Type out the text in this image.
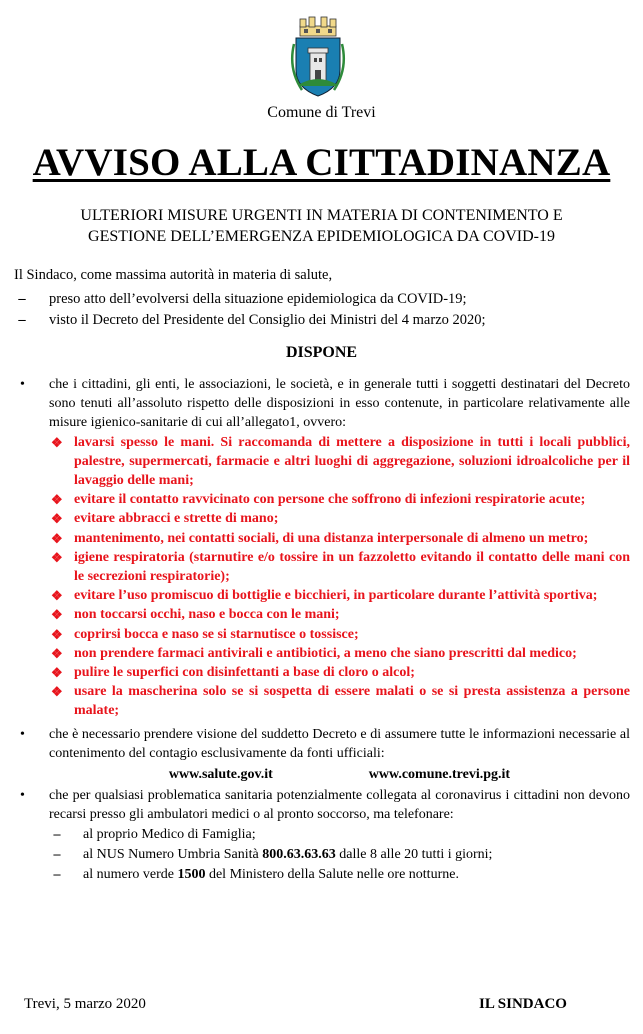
Comune di Trevi
AVVISO ALLA CITTADINANZA
ULTERIORI MISURE URGENTI IN MATERIA DI CONTENIMENTO E
GESTIONE DELL’EMERGENZA EPIDEMIOLOGICA DA COVID-19
Il Sindaco, come massima autorità in materia di salute,
–	preso atto dell’evolversi della situazione epidemiologica da COVID-19;
–	visto il Decreto del Presidente del Consiglio dei Ministri del 4 marzo 2020;
DISPONE
• che i cittadini, gli enti, le associazioni, le società, e in generale tutti i soggetti destinatari del Decreto sono tenuti all’assoluto rispetto delle disposizioni in esso contenute, in particolare relativamente alle misure igienico-sanitarie di cui all’allegato1, ovvero:

❖ lavarsi spesso le mani. Si raccomanda di mettere a disposizione in tutti i locali pubblici, palestre, supermercati, farmacie e altri luoghi di aggregazione, soluzioni idroalcoliche per il lavaggio delle mani;
❖ evitare il contatto ravvicinato con persone che soffrono di infezioni respiratorie acute;
❖ evitare abbracci e strette di mano;
❖ mantenimento, nei contatti sociali, di una distanza interpersonale di almeno un metro;
❖ igiene respiratoria (starnutire e/o tossire in un fazzoletto evitando il contatto delle mani con le secrezioni respiratorie);
❖ evitare l’uso promiscuo di bottiglie e bicchieri, in particolare durante l’attività sportiva;
❖ non toccarsi occhi, naso e bocca con le mani;
❖ coprirsi bocca e naso se si starnutisce o tossisce;
❖ non prendere farmaci antivirali e antibiotici, a meno che siano prescritti dal medico;
❖ pulire le superfici con disinfettanti a base di cloro o alcol;
❖ usare la mascherina solo se si sospetta di essere malati o se si presta assistenza a persone malate;
• che è necessario prendere visione del suddetto Decreto e di assumere tutte le informazioni necessarie al contenimento del contagio esclusivamente da fonti ufficiali:

www.salute.gov.it	www.comune.trevi.pg.it
• che per qualsiasi problematica sanitaria potenzialmente collegata al coronavirus i cittadini non devono recarsi presso gli ambulatori medici o al pronto soccorso, ma telefonare:

–	al proprio Medico di Famiglia;
–	al NUS Numero Umbria Sanità 800.63.63.63 dalle 8 alle 20 tutti i giorni;
–	al numero verde 1500 del Ministero della Salute nelle ore notturne.
Trevi, 5 marzo 2020	IL SINDACO
